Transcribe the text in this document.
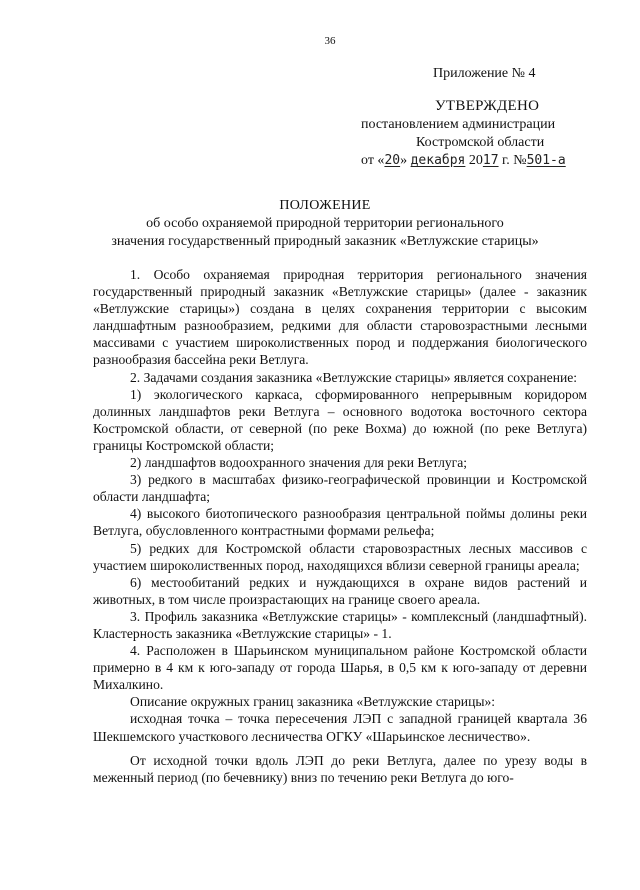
36
Приложение № 4
УТВЕРЖДЕНО
постановлением администрации
Костромской области
от «20» декабря 2017 г. №501-а
ПОЛОЖЕНИЕ
об особо охраняемой природной территории регионального
значения государственный природный заказник «Ветлужские старицы»

1. Особо охраняемая природная территория регионального значения государственный природный заказник «Ветлужские старицы» (далее - заказник «Ветлужские старицы») создана в целях сохранения территории с высоким ландшафтным разнообразием, редкими для области старовозрастными лесными массивами с участием широколиственных пород и поддержания биологического разнообразия бассейна реки Ветлуга.

2. Задачами создания заказника «Ветлужские старицы» является сохранение:

1) экологического каркаса, сформированного непрерывным коридором долинных ландшафтов реки Ветлуга – основного водотока восточного сектора Костромской области, от северной (по реке Вохма) до южной (по реке Ветлуга) границы Костромской области;

2) ландшафтов водоохранного значения для реки Ветлуга;

3) редкого в масштабах физико-географической провинции и Костромской области ландшафта;

4) высокого биотопического разнообразия центральной поймы долины реки Ветлуга, обусловленного контрастными формами рельефа;

5) редких для Костромской области старовозрастных лесных массивов с участием широколиственных пород, находящихся вблизи северной границы ареала;

6) местообитаний редких и нуждающихся в охране видов растений и животных, в том числе произрастающих на границе своего ареала.

3. Профиль заказника «Ветлужские старицы» - комплексный (ландшафтный). Кластерность заказника «Ветлужские старицы» - 1.

4. Расположен в Шарьинском муниципальном районе Костромской области примерно в 4 км к юго-западу от города Шарья, в 0,5 км к юго-западу от деревни Михалкино.

Описание окружных границ заказника «Ветлужские старицы»:

исходная точка – точка пересечения ЛЭП с западной границей квартала 36 Шекшемского участкового лесничества ОГКУ «Шарьинское лесничество».

От исходной точки вдоль ЛЭП до реки Ветлуга, далее по урезу воды в меженный период (по бечевнику) вниз по течению реки Ветлуга до юго-
